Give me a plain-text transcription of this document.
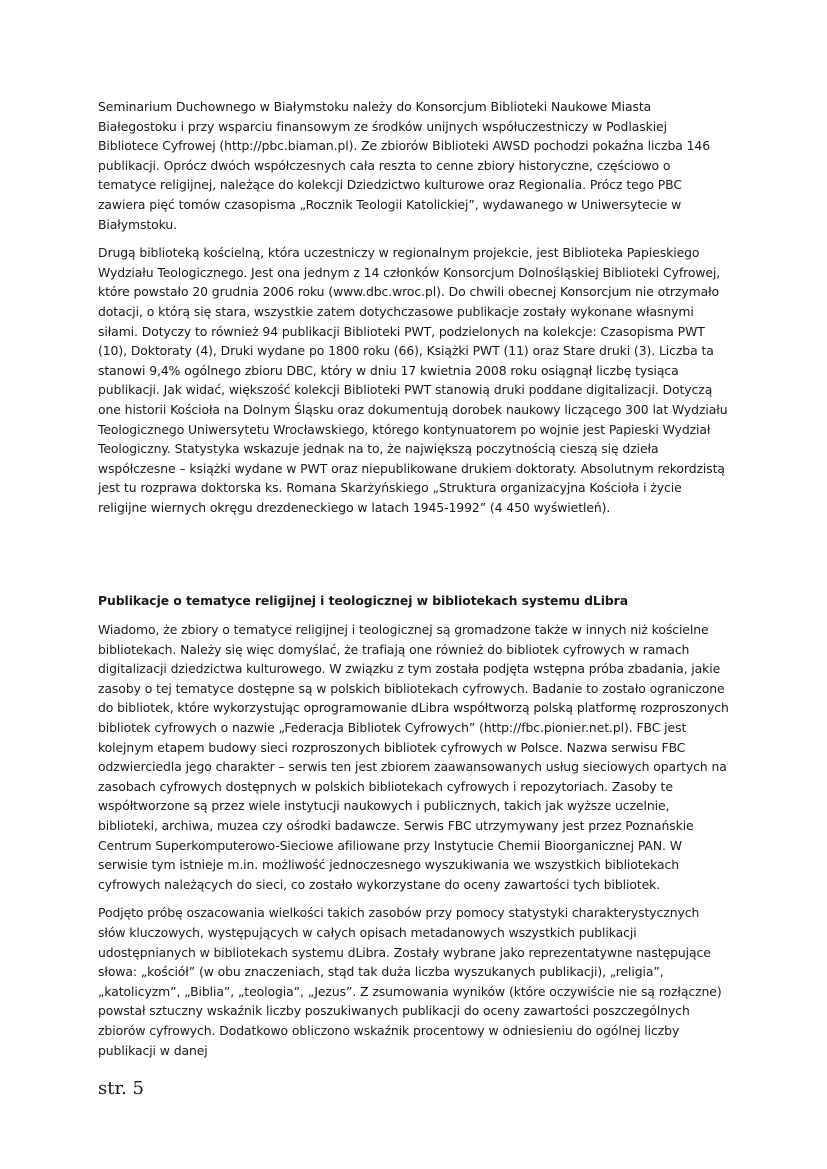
Seminarium Duchownego w Białymstoku należy do Konsorcjum Biblioteki Naukowe Miasta Białegostoku i przy wsparciu finansowym ze środków unijnych współuczestniczy w Podlaskiej Bibliotece Cyfrowej (http://pbc.biaman.pl). Ze zbiorów Biblioteki AWSD pochodzi pokaźna liczba 146 publikacji. Oprócz dwóch współczesnych cała reszta to cenne zbiory historyczne, częściowo o tematyce religijnej, należące do kolekcji Dziedzictwo kulturowe oraz Regionalia. Prócz tego PBC zawiera pięć tomów czasopisma „Rocznik Teologii Katolickiej”, wydawanego w Uniwersytecie w Białymstoku.

Drugą biblioteką kościelną, która uczestniczy w regionalnym projekcie, jest Biblioteka Papieskiego Wydziału Teologicznego. Jest ona jednym z 14 członków Konsorcjum Dolnośląskiej Biblioteki Cyfrowej, które powstało 20 grudnia 2006 roku (www.dbc.wroc.pl). Do chwili obecnej Konsorcjum nie otrzymało dotacji, o którą się stara, wszystkie zatem dotychczasowe publikacje zostały wykonane własnymi siłami. Dotyczy to również 94 publikacji Biblioteki PWT, podzielonych na kolekcje: Czasopisma PWT (10), Doktoraty (4), Druki wydane po 1800 roku (66), Książki PWT (11) oraz Stare druki (3). Liczba ta stanowi 9,4% ogólnego zbioru DBC, który w dniu 17 kwietnia 2008 roku osiągnął liczbę tysiąca publikacji. Jak widać, większość kolekcji Biblioteki PWT stanowią druki poddane digitalizacji. Dotyczą one historii Kościoła na Dolnym Śląsku oraz dokumentują dorobek naukowy liczącego 300 lat Wydziału Teologicznego Uniwersytetu Wrocławskiego, którego kontynuatorem po wojnie jest Papieski Wydział Teologiczny. Statystyka wskazuje jednak na to, że największą poczytnością cieszą się dzieła współczesne – książki wydane w PWT oraz niepublikowane drukiem doktoraty. Absolutnym rekordzistą jest tu rozprawa doktorska ks. Romana Skarżyńskiego „Struktura organizacyjna Kościoła i życie religijne wiernych okręgu drezdeneckiego w latach 1945-1992” (4 450 wyświetleń).

Publikacje o tematyce religijnej i teologicznej w bibliotekach systemu dLibra

Wiadomo, że zbiory o tematyce religijnej i teologicznej są gromadzone także w innych niż kościelne bibliotekach. Należy się więc domyślać, że trafiają one również do bibliotek cyfrowych w ramach digitalizacji dziedzictwa kulturowego. W związku z tym została podjęta wstępna próba zbadania, jakie zasoby o tej tematyce dostępne są w polskich bibliotekach cyfrowych. Badanie to zostało ograniczone do bibliotek, które wykorzystując oprogramowanie dLibra współtworzą polską platformę rozproszonych bibliotek cyfrowych o nazwie „Federacja Bibliotek Cyfrowych” (http://fbc.pionier.net.pl). FBC jest kolejnym etapem budowy sieci rozproszonych bibliotek cyfrowych w Polsce. Nazwa serwisu FBC odzwierciedla jego charakter – serwis ten jest zbiorem zaawansowanych usług sieciowych opartych na zasobach cyfrowych dostępnych w polskich bibliotekach cyfrowych i repozytoriach. Zasoby te współtworzone są przez wiele instytucji naukowych i publicznych, takich jak wyższe uczelnie, biblioteki, archiwa, muzea czy ośrodki badawcze. Serwis FBC utrzymywany jest przez Poznańskie Centrum Superkomputerowo-Sieciowe afiliowane przy Instytucie Chemii Bioorganicznej PAN. W serwisie tym istnieje m.in. możliwość jednoczesnego wyszukiwania we wszystkich bibliotekach cyfrowych należących do sieci, co zostało wykorzystane do oceny zawartości tych bibliotek.

Podjęto próbę oszacowania wielkości takich zasobów przy pomocy statystyki charakterystycznych słów kluczowych, występujących w całych opisach metadanowych wszystkich publikacji udostępnianych w bibliotekach systemu dLibra. Zostały wybrane jako reprezentatywne następujące słowa: „kościół” (w obu znaczeniach, stąd tak duża liczba wyszukanych publikacji), „religia”, „katolicyzm”, „Biblia”, „teologia”, „Jezus”. Z zsumowania wyników (które oczywiście nie są rozłączne) powstał sztuczny wskaźnik liczby poszukiwanych publikacji do oceny zawartości poszczególnych zbiorów cyfrowych. Dodatkowo obliczono wskaźnik procentowy w odniesieniu do ogólnej liczby publikacji w danej

str. 5
